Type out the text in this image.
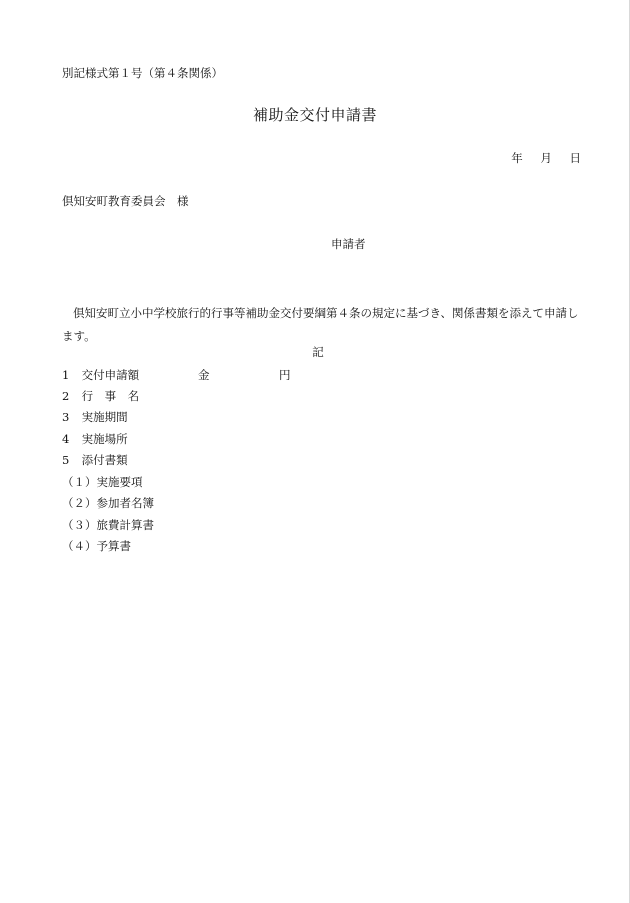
別記様式第１号（第４条関係）
補助金交付申請書
年 月 日
倶知安町教育委員会　様
申請者
倶知安町立小中学校旅行的行事等補助金交付要綱第４条の規定に基づき、関係書類を添えて申請します。
記
1 交付申請額	金	円
2 行　事　名
3 実施期間
4 実施場所
5 添付書類
（１）実施要項
（２）参加者名簿
（３）旅費計算書
（４）予算書
